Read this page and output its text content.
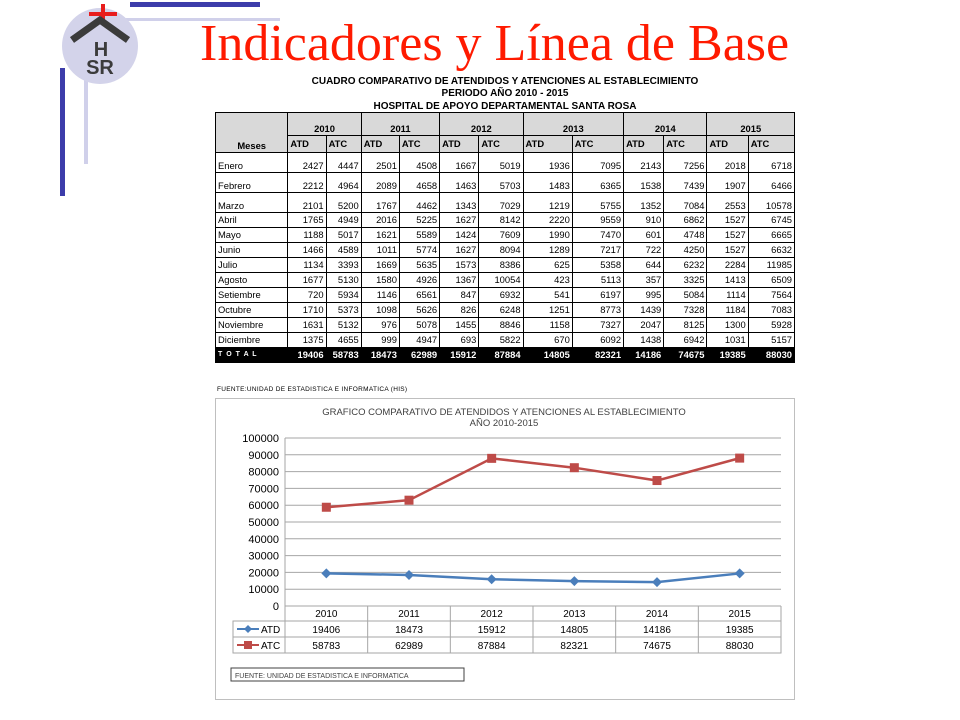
H
SR Indicadores y Línea de Base
CUADRO COMPARATIVO DE ATENDIDOS Y ATENCIONES AL ESTABLECIMIENTO
PERIODO AÑO 2010 - 2015
HOSPITAL DE APOYO DEPARTAMENTAL SANTA ROSA
Meses	2010		2011		2012		2013		2014		2015	
	ATD	ATC	ATD	ATC	ATD	ATC	ATD	ATC	ATD	ATC	ATD	ATC
Enero	2427	4447	2501	4508	1667	5019	1936	7095	2143	7256	2018	6718
Febrero	2212	4964	2089	4658	1463	5703	1483	6365	1538	7439	1907	6466
Marzo	2101	5200	1767	4462	1343	7029	1219	5755	1352	7084	2553	10578
Abril	1765	4949	2016	5225	1627	8142	2220	9559	910	6862	1527	6745
Mayo	1188	5017	1621	5589	1424	7609	1990	7470	601	4748	1527	6665
Junio	1466	4589	1011	5774	1627	8094	1289	7217	722	4250	1527	6632
Julio	1134	3393	1669	5635	1573	8386	625	5358	644	6232	2284	11985
Agosto	1677	5130	1580	4926	1367	10054	423	5113	357	3325	1413	6509
Setiembre	720	5934	1146	6561	847	6932	541	6197	995	5084	1114	7564
Octubre	1710	5373	1098	5626	826	6248	1251	8773	1439	7328	1184	7083
Noviembre	1631	5132	976	5078	1455	8846	1158	7327	2047	8125	1300	5928
Diciembre	1375	4655	999	4947	693	5822	670	6092	1438	6942	1031	5157
T O T A L	19406	58783	18473	62989	15912	87884	14805	82321	14186	74675	19385	88030
FUENTE:UNIDAD DE ESTADISTICA E INFORMATICA (HIS)
GRAFICO COMPARATIVO DE ATENDIDOS Y ATENCIONES AL ESTABLECIMIENTO
AÑO 2010-2015
100000
90000
80000
70000
60000
50000
40000
30000
20000
10000
0
2010	2011	2012	2013	2014	2015
ATD	19406	18473	15912	14805	14186	19385
ATC	58783	62989	87884	82321	74675	88030
FUENTE: UNIDAD DE ESTADISTICA E INFORMATICA
